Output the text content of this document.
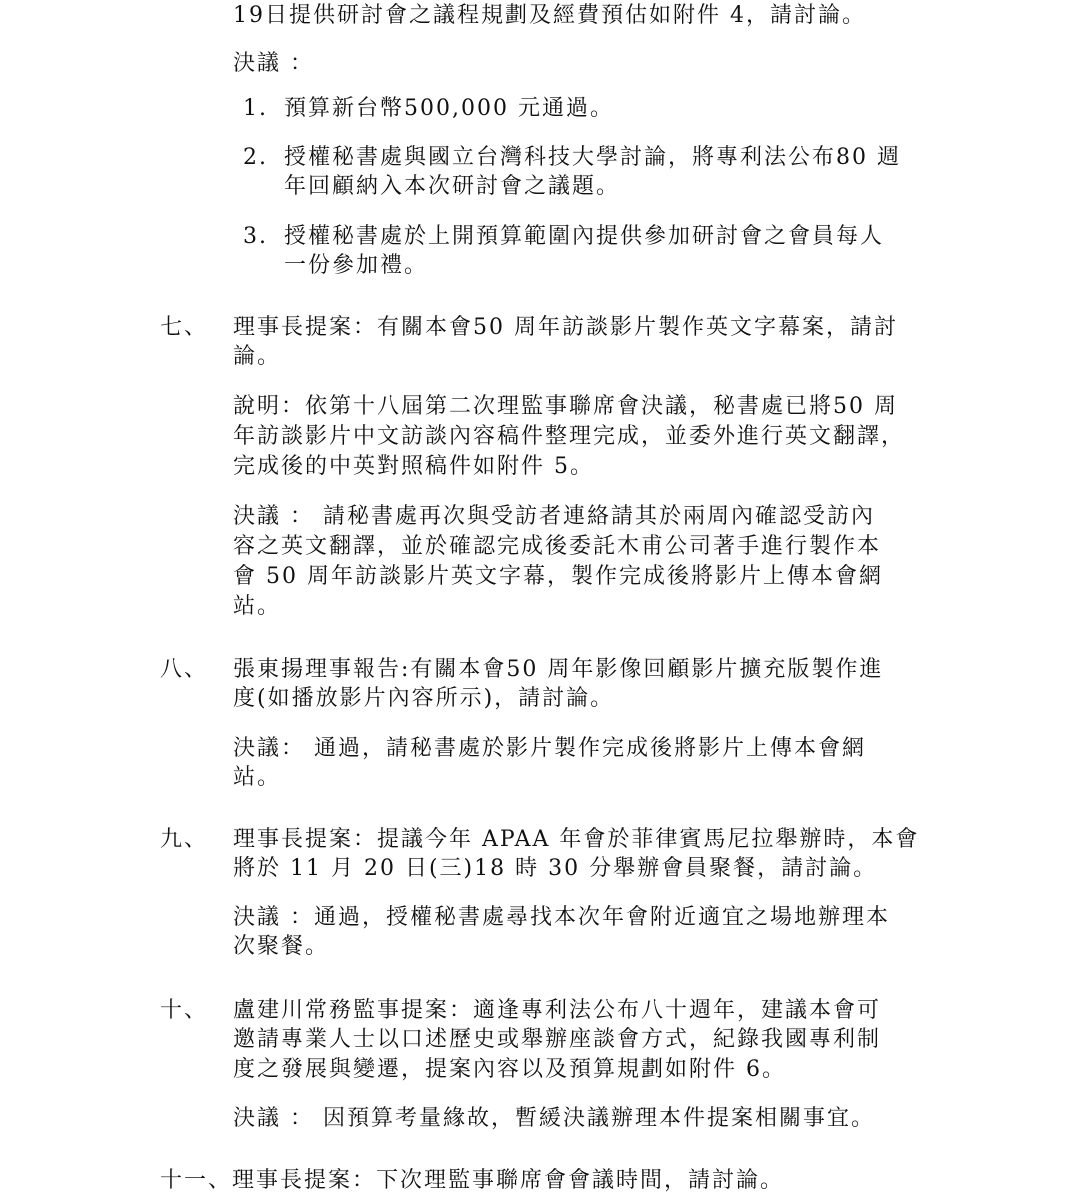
19日提供研討會之議程規劃及經費預估如附件 4，請討論。
決議 ：
1. 預算新台幣500,000 元通過。
2. 授權秘書處與國立台灣科技大學討論，將專利法公布80 週
年回顧納入本次研討會之議題。
3. 授權秘書處於上開預算範圍內提供參加研討會之會員每人
一份參加禮。
七、 理事長提案：有關本會50 周年訪談影片製作英文字幕案，請討
論。
說明：依第十八屆第二次理監事聯席會決議，秘書處已將50 周
年訪談影片中文訪談內容稿件整理完成，並委外進行英文翻譯，
完成後的中英對照稿件如附件 5。
決議 ： 請秘書處再次與受訪者連絡請其於兩周內確認受訪內
容之英文翻譯，並於確認完成後委託木甫公司著手進行製作本
會 50 周年訪談影片英文字幕，製作完成後將影片上傳本會網
站。
八、 張東揚理事報告:有關本會50 周年影像回顧影片擴充版製作進
度(如播放影片內容所示)，請討論。
決議： 通過，請秘書處於影片製作完成後將影片上傳本會網
站。
九、 理事長提案：提議今年 APAA 年會於菲律賓馬尼拉舉辦時，本會
將於 11 月 20 日(三)18 時 30 分舉辦會員聚餐，請討論。
決議 ：通過，授權秘書處尋找本次年會附近適宜之場地辦理本
次聚餐。
十、 盧建川常務監事提案：適逢專利法公布八十週年，建議本會可
邀請專業人士以口述歷史或舉辦座談會方式，紀錄我國專利制
度之發展與變遷，提案內容以及預算規劃如附件 6。
決議 ： 因預算考量緣故，暫緩決議辦理本件提案相關事宜。
十一、理事長提案：下次理監事聯席會會議時間，請討論。
